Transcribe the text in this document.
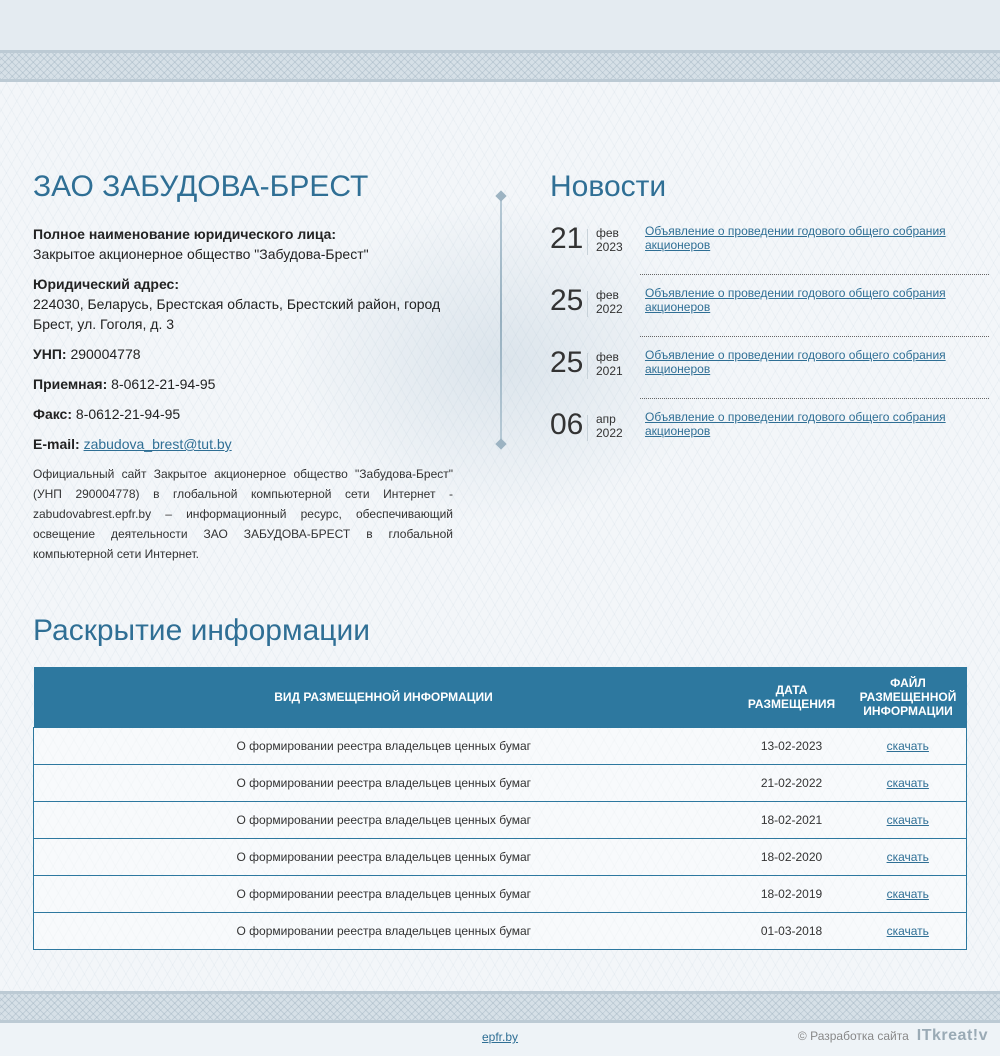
ЗАО ЗАБУДОВА-БРЕСТ

Полное наименование юридического лица:
Закрытое акционерное общество "Забудова-Брест"

Юридический адрес:
224030, Беларусь, Брестская область, Брестский район, город Брест, ул. Гоголя, д. 3

УНП: 290004778

Приемная: 8-0612-21-94-95

Факс: 8-0612-21-94-95

E-mail: zabudova_brest@tut.by

Официальный сайт Закрытое акционерное общество "Забудова-Брест" (УНП 290004778) в глобальной компьютерной сети Интернет - zabudovabrest.epfr.by – информационный ресурс, обеспечивающий освещение деятельности ЗАО ЗАБУДОВА-БРЕСТ в глобальной компьютерной сети Интернет.

Новости
21	фев
2023
Объявление о проведении годового общего собрания акционеров
25	фев
2022
Объявление о проведении годового общего собрания акционеров
25	фев
2021
Объявление о проведении годового общего собрания акционеров
06	апр
2022
Объявление о проведении годового общего собрания акционеров
Раскрытие информации
ВИД РАЗМЕЩЕННОЙ ИНФОРМАЦИИ	ДАТА РАЗМЕЩЕНИЯ	ФАЙЛ РАЗМЕЩЕННОЙ ИНФОРМАЦИИ
О формировании реестра владельцев ценных бумаг	13-02-2023	скачать
О формировании реестра владельцев ценных бумаг	21-02-2022	скачать
О формировании реестра владельцев ценных бумаг	18-02-2021	скачать
О формировании реестра владельцев ценных бумаг	18-02-2020	скачать
О формировании реестра владельцев ценных бумаг	18-02-2019	скачать
О формировании реестра владельцев ценных бумаг	01-03-2018	скачать
epfr.by	© Разработка сайта ITkreat!v
